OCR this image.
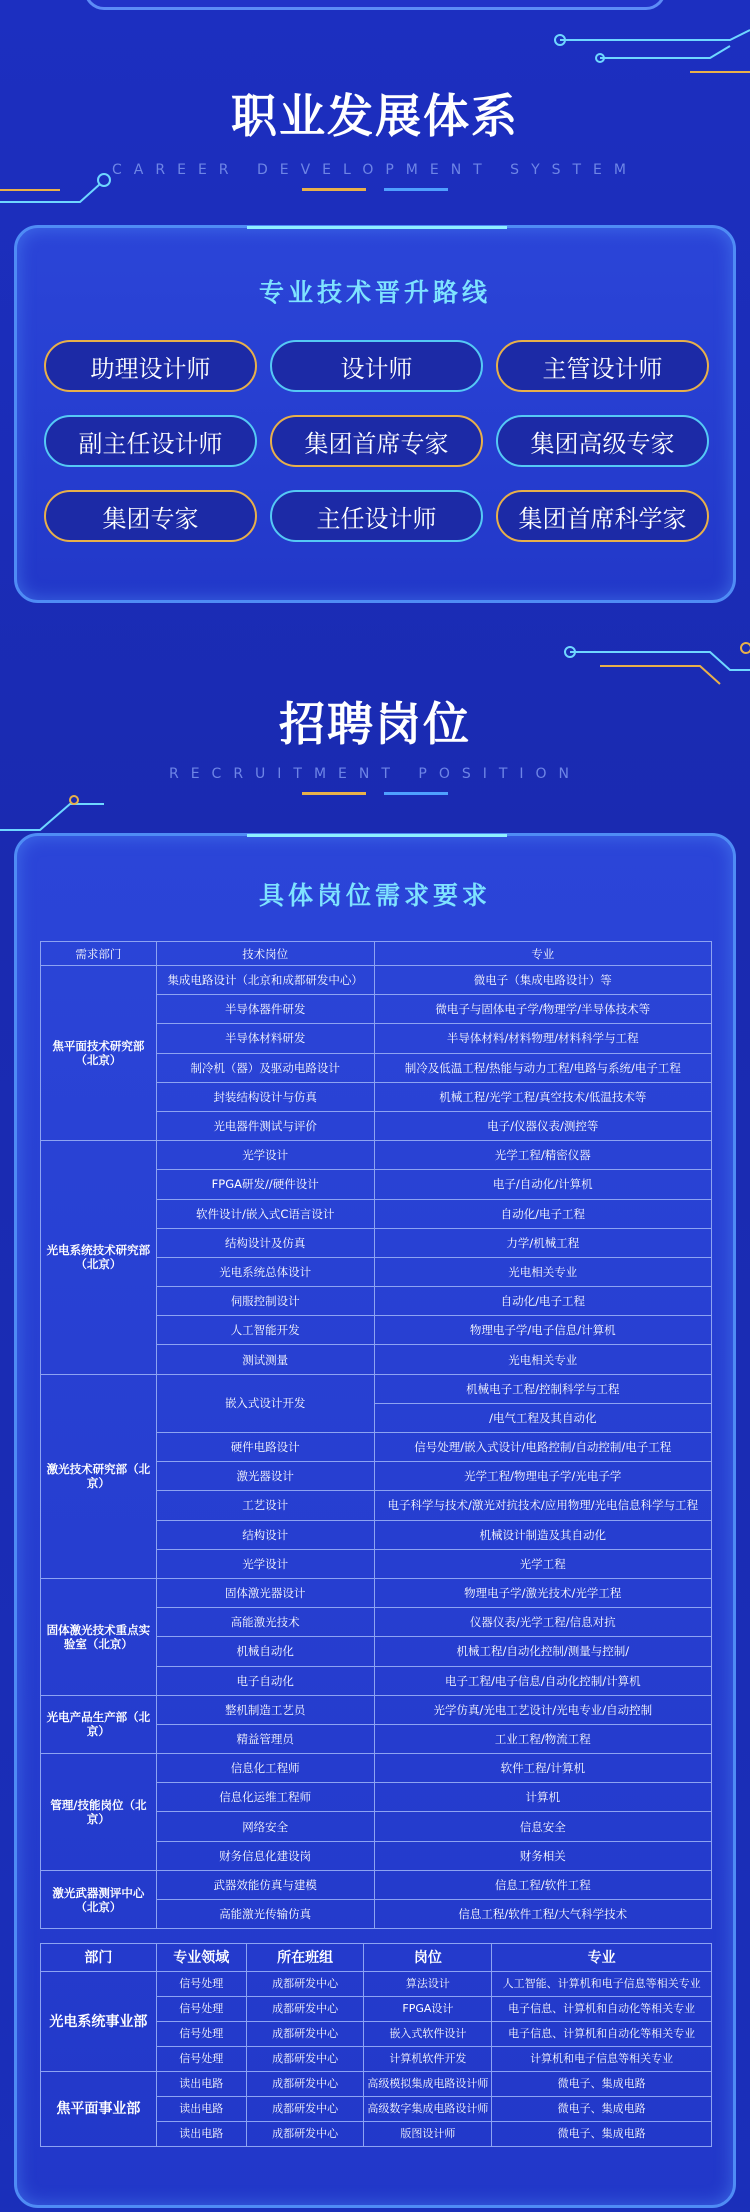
职业发展体系
CAREER DEVELOPMENT SYSTEM
专业技术晋升路线
助理设计师	设计师	主管设计师
副主任设计师	集团首席专家	集团高级专家
集团专家	主任设计师	集团首席科学家
招聘岗位
RECRUITMENT POSITION
具体岗位需求要求
需求部门	技术岗位	专业
焦平面技术研究部（北京）	集成电路设计（北京和成都研发中心）	微电子（集成电路设计）等
	半导体器件研发	微电子与固体电子学/物理学/半导体技术等
	半导体材料研发	半导体材料/材料物理/材料科学与工程
	制冷机（器）及驱动电路设计	制冷及低温工程/热能与动力工程/电路与系统/电子工程
	封装结构设计与仿真	机械工程/光学工程/真空技术/低温技术等
	光电器件测试与评价	电子/仪器仪表/测控等
光电系统技术研究部（北京）	光学设计	光学工程/精密仪器
	FPGA研发//硬件设计	电子/自动化/计算机
	软件设计/嵌入式C语言设计	自动化/电子工程
	结构设计及仿真	力学/机械工程
	光电系统总体设计	光电相关专业
	伺服控制设计	自动化/电子工程
	人工智能开发	物理电子学/电子信息/计算机
	测试测量	光电相关专业
激光技术研究部（北京）	嵌入式设计开发	机械电子工程/控制科学与工程
		/电气工程及其自动化
	硬件电路设计	信号处理/嵌入式设计/电路控制/自动控制/电子工程
	激光器设计	光学工程/物理电子学/光电子学
	工艺设计	电子科学与技术/激光对抗技术/应用物理/光电信息科学与工程
	结构设计	机械设计制造及其自动化
	光学设计	光学工程
固体激光技术重点实验室（北京）	固体激光器设计	物理电子学/激光技术/光学工程
	高能激光技术	仪器仪表/光学工程/信息对抗
	机械自动化	机械工程/自动化控制/测量与控制/
	电子自动化	电子工程/电子信息/自动化控制/计算机
光电产品生产部（北京）	整机制造工艺员	光学仿真/光电工艺设计/光电专业/自动控制
	精益管理员	工业工程/物流工程
管理/技能岗位（北京）	信息化工程师	软件工程/计算机
	信息化运维工程师	计算机
	网络安全	信息安全
	财务信息化建设岗	财务相关
激光武器测评中心（北京）	武器效能仿真与建模	信息工程/软件工程
	高能激光传输仿真	信息工程/软件工程/大气科学技术
部门	专业领域	所在班组	岗位	专业
光电系统事业部	信号处理	成都研发中心	算法设计	人工智能、计算机和电子信息等相关专业
	信号处理	成都研发中心	FPGA设计	电子信息、计算机和自动化等相关专业
	信号处理	成都研发中心	嵌入式软件设计	电子信息、计算机和自动化等相关专业
	信号处理	成都研发中心	计算机软件开发	计算机和电子信息等相关专业
焦平面事业部	读出电路	成都研发中心	高级模拟集成电路设计师	微电子、集成电路
	读出电路	成都研发中心	高级数字集成电路设计师	微电子、集成电路
	读出电路	成都研发中心	版图设计师	微电子、集成电路
